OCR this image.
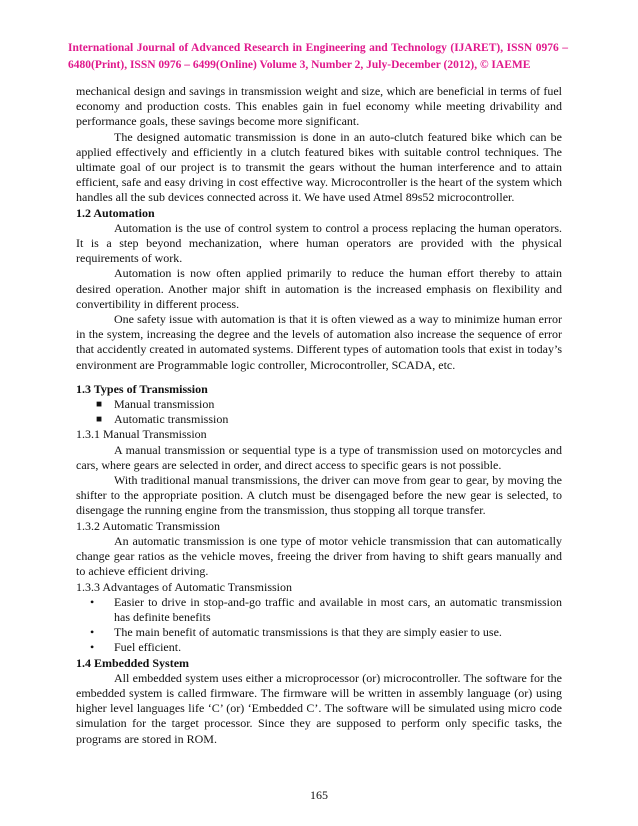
International Journal of Advanced Research in Engineering and Technology (IJARET), ISSN 0976 – 6480(Print), ISSN 0976 – 6499(Online) Volume 3, Number 2, July-December (2012), © IAEME

mechanical design and savings in transmission weight and size, which are beneficial in terms of fuel economy and production costs. This enables gain in fuel economy while meeting drivability and performance goals, these savings become more significant.

The designed automatic transmission is done in an auto-clutch featured bike which can be applied effectively and efficiently in a clutch featured bikes with suitable control techniques. The ultimate goal of our project is to transmit the gears without the human interference and to attain efficient, safe and easy driving in cost effective way. Microcontroller is the heart of the system which handles all the sub devices connected across it. We have used Atmel 89s52 microcontroller.

1.2 Automation

Automation is the use of control system to control a process replacing the human operators. It is a step beyond mechanization, where human operators are provided with the physical requirements of work.

Automation is now often applied primarily to reduce the human effort thereby to attain desired operation. Another major shift in automation is the increased emphasis on flexibility and convertibility in different process.

One safety issue with automation is that it is often viewed as a way to minimize human error in the system, increasing the degree and the levels of automation also increase the sequence of error that accidently created in automated systems. Different types of automation tools that exist in today’s environment are Programmable logic controller, Microcontroller, SCADA, etc.

1.3 Types of Transmission

■ Manual transmission
■ Automatic transmission

1.3.1 Manual Transmission

A manual transmission or sequential type is a type of transmission used on motorcycles and cars, where gears are selected in order, and direct access to specific gears is not possible.

With traditional manual transmissions, the driver can move from gear to gear, by moving the shifter to the appropriate position. A clutch must be disengaged before the new gear is selected, to disengage the running engine from the transmission, thus stopping all torque transfer.

1.3.2 Automatic Transmission

An automatic transmission is one type of motor vehicle transmission that can automatically change gear ratios as the vehicle moves, freeing the driver from having to shift gears manually and to achieve efficient driving.

1.3.3 Advantages of Automatic Transmission

• Easier to drive in stop-and-go traffic and available in most cars, an automatic transmission has definite benefits
• The main benefit of automatic transmissions is that they are simply easier to use.
• Fuel efficient.

1.4 Embedded System

All embedded system uses either a microprocessor (or) microcontroller. The software for the embedded system is called firmware. The firmware will be written in assembly language (or) using higher level languages life ‘C’ (or) ‘Embedded C’. The software will be simulated using micro code simulation for the target processor. Since they are supposed to perform only specific tasks, the programs are stored in ROM.

165
